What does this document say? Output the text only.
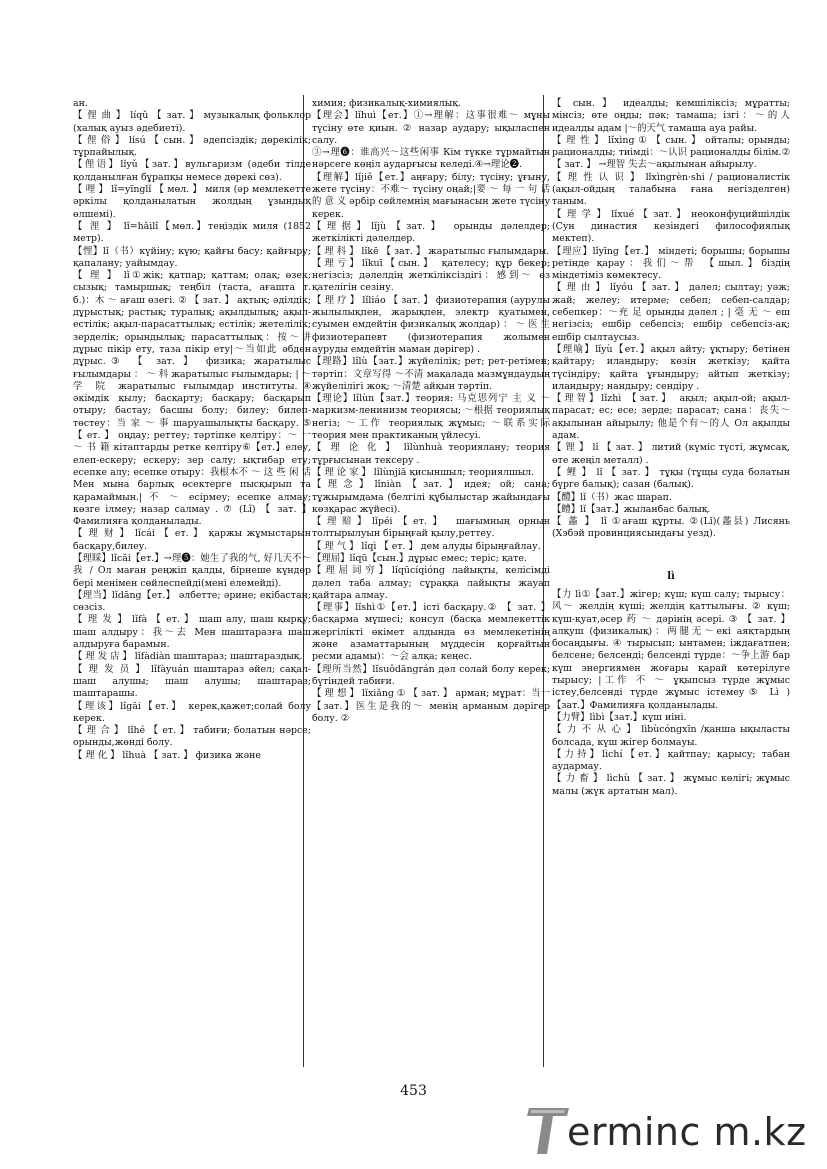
ан.

【 俚 曲 】 líqǔ 【 зат. 】 музыкалық фольклор (халық ауыз әдебиеті).

【 俚 俗 】 lísú 【 сын. 】 әдепсіздік; дөрекілік; тұрпайылық.

【俚语】lǐyǔ【зат.】вульгаризм (әдеби тілде қолданылған бұрапқы немесе дөрекі сөз).

【 哩 】 lǐ=yīnglǐ 【 мөл. 】 миля (әр мемлекетте әркілы қолданылатын жолдың ұзындық өлшемі).

【 浬 】 lǐ=hǎilǐ【мөл.】теңіздік миля (1852 метр).

【悝】lǐ（书）күйіну; күю; қайғы басу; қайғыру; қапалану; уайымдау.

【 理 】 lǐ①жік; қатпар; қаттам; олақ; өзек; сызық; тамыршық; теңбіл (таста, ағашта т. б.)：木 ～ ағаш өзегі. ② 【 зат. 】 ақтық; әділдік; дұрыстық; растық; туралық; ақылдылық; ақыл-естілік; ақыл-парасаттылық; естілік; жетелілік; зерделік; орындылық; парасаттылық：按～讲 дұрыс пікір ету, таза пікір ету|～当如此 әбден дұрыс.③ 【 зат. 】 физика; жаратылыс ғылымдары ： ～ 科 жаратылыс ғылымдары; | ～ 学 院 жаратылыс ғылымдар институты.④ әкімдік қылу; басқарту; басқару; басқарып отыру; бастау; басшы болу; билеу; билеп-төстеу：当 家 ～ 事 шаруашылықты басқару. ⑤ 【 ет. 】 оңдау; реттеу; тәртіпке келтіру：～ 一 ～ 书 籍 кітаптарды ретке келтіру⑥【ет.】елеу, елеп-ескеру; ескеру; зер салу; ықтибар ету; есепке алу; есепке отыру：我根本不 ～ 这 些 闲 话 Мен мына барлық өсектерге пысқырып та қарамаймын.| 不 ～ есірмеу; есепке алмау; көзге ілмеу; назар салмау . ⑦ (Lǐ) 【 зат. 】 Фамилияға қолданылады.

【 理 财 】 lǐcái 【 ет. 】 қаржы жұмыстарын басқару,билеу.

【理睬】lǐcǎi【ет.】→理❺：她生了我的气, 好几天不～我 / Ол маған реңжіп қалды, бірнеше күндер бері менімен сөйлеспейді(мені елемейді).

【理当】lǐdāng【ет.】 әлбетте; әрине; екібастан; сөзсіз.

【 理 发 】 lǐfà 【 ет. 】 шаш алу, шаш қырқу; шаш алдыру：我～去 Мен шаштаразға шаш алдыруға барамын.

【 理 发 店 】 lǐfàdiàn шаштараз; шаштараздық.

【 理 发 员 】 lǐfàyuán шаштараз әйел; сақал-шаш алушы; шаш алушы; шаштараз; шаштарашы.

【理该】lǐgāi【ет.】 керек,қажет;солай болу керек.

【 理 合 】 lǐhé 【 ет. 】 табиғи; болатын нәрсе; орынды,жөнді болу.

【 理 化 】 lǐhuà 【 зат. 】 физика және

химия; физикалық-химиялық.

【理会】lǐhuì【ет.】①→理解：这事很难～ мұны түсіну өте қиын. ② назар аудару; ықыласпен салу.

③→理❻：谁高兴～这些闲事 Кім түкке тұрмайтын нәрсеге көңіл аударғысы келеді.④→理论❷.

【理解】lǐjiě【ет.】аңғару; білу; түсіну; ұғыну, жете түсіну：不难～ түсіну оңай;|要 ～ 每 一 句 话 的 意 义 әрбір сөйлемнің мағынасын жете түсіну керек.

【理据】lǐjù【зат.】 орынды дәлелдер; жеткілікті дәлелдер.

【 理 科 】 lǐkē 【 зат. 】 жаратылыс ғылымдары.

【理亏】lǐkuī【сын.】 қателесу; құр бекер; негізсіз; дәлелдің жеткіліксіздігі：感到～ өз қателігін сезіну.

【 理 疗 】 lǐliáo 【 зат. 】 физиотерапия (аурулы жылылықпен, жарықпен, электр қуатымен, суымен емдейтін физикалық жолдар) ： ～ 医 生 физиотерапевт (физиотерапия жолымен ауруды емдейтін маман дәрігер) .

【理路】lǐlù【зат.】жүйелілік; рет; рет-ретімен; тәртіп：文章写得 ～不清 мақалада мазмұндаудың жүйелілігі жоқ; ～清楚 айқын тәртіп.

【理论】lǐlùn【зат.】теория: 马克思列宁 主 义 ～ маркизм-ленинизм теориясы; ～根据 теориялық негіз; ～工作 теориялық жұмыс; ～联系实际 теория мен практиканың үйлесуі.

【 理 论 化 】 lǐlùnhuà теориялану; теория тұрғысынан тексеру .

【 理 论 家 】 lǐlùnjiā қисыншыл; теориялшыл.

【理念】lǐniàn【зат.】идея; ой; сана; тұжырымдама (белгілі құбылыстар жайындағы көзқарас жүйесі).

【理赔】lǐpéi【ет.】 шағымның орнын толтырылуын бірыңғай қылу,реттеу.

【 理 气 】 lǐqì 【 ет. 】 дем алуды бірыңғайлау.

【理屈】lǐqū【сын.】дұрыс емес; теріс; қате.

【理屈词穷】lǐqūcíqióng лайықты, келісімді дәлел таба алмау; сұраққа лайықты жауап қайтара алмау.

【理事】lǐshì①【ет.】істі басқару.② 【 зат. 】 басқарма мүшесі; консул (басқа мемлекеттік жергілікті өкімет алдында өз мемлекетінің және азаматтарының мүддесін қорғайтын ресми адамы)：～会 алқа; кеңес.

【理所当然】lǐsuǒdāngrán дәл солай болу керек; бүтіндей табиғи.

【 理 想 】 lǐxiǎng ① 【 зат. 】 арман; мұрат：当一【зат.】医生是我的～ менің арманым дәрігер болу. ②

【 сын. 】 идеалды; кемшіліксіз; мұратты; мінсіз; өте оңды; пәк; тамаша; ізгі：～的人 идеалды адам |～的天气 тамаша ауа райы.

【 理 性 】 lǐxìng ① 【 сын. 】 ойталы; орынды; рационалды; тиімді：～认识 рационалды білім.② 【 зат. 】 →理智 失去～ақылынан айырылу.

【 理 性 认 识 】 lǐxìngrèn·shi / рационалистік (ақыл-ойдың талабына ғана негізделген) таным.

【 理 学 】 lǐxué 【 зат. 】 неоконфуцийшілдік (Сун династия кезіндегі философиялық мектеп).

【理应】lǐyīng【ет.】 міндеті; борышы; борышы ретінде қарау：我们～帮 【шыл.】біздің міндетіміз көмектесу.

【 理 由 】 lǐyóu 【 зат. 】 дәлел; сылтау; уәж; жай; желеу; итерме; себеп; себеп-салдар; себепкер：～充 足 орынды дәлел ; | 毫 无 ～ еш негізсіз; ешбір себепсіз; ешбір себепсіз-ақ; ешбір сылтаусыз.

【理喻】lǐyù【ет.】ақыл айту; ұқтыру; бетінен қайтару; иландыру; көзін жеткізу; қайта түсіндіру; қайта ұғындыру; айтып жеткізу; иландыру; нандыру; сендіру .

【理智】lǐzhì 【зат.】 ақыл; ақыл-ой; ақыл-парасат; ес; есе; зерде; парасат; сана：丧失～ақылынан айырылу; 他是个有～的人 Ол ақылды адам.

【 锂 】 lǐ 【 зат. 】 литий (күміс түсті, жұмсақ, өте жеңіл металл) .

【 鲤 】 lǐ 【 зат. 】 тұқы (тұщы суда болатын бүрге балық); сазан (балық).

【醴】lǐ（书）жас шарап.

【鳢】lǐ【зат.】жыланбас балық.

【 蠡 】 lǐ ①ағаш құрты. ②(Lǐ)(蠡县) Лисянь (Хэбэй провинциясындағы уезд).

lì

【力 lì①【зат.】жігер; күш; күш салу; тырысу： 风～ желдің күші; желдің қаттылығы. ② күш; күш-қуат,әсер 药 ～ дәрінің әсері. ③ 【 зат. 】 алқуш (физикалық)：两腿无～екі аяқтардың босаңдығы. ④ тырысып; ынтамен; іждағатпен; белсене; белсенді; белсенді түрде：～争上游 бар күш энергиямен жоғары қарай көтерілуге тырысу; |工作 不 ～ ұқыпсыз түрде жұмыс істеу,белсенді түрде жұмыс істемеу⑤ Lì )【зат.】Фамилияға қолданылады.

【力臂】lìbì【зат.】күш иіні.

【 力 不 从 心 】 lìbùcóngxīn /қанша ықыласты болсада, күш жігер болмауы.

【力持】lìchí【ет.】қайтпау; қарысу; табан аудармау.

【 力 畜 】 lìchù 【 зат. 】 жұмыс көлігі; жұмыс малы (жүк артатын мал).

453
erminc m.kz
